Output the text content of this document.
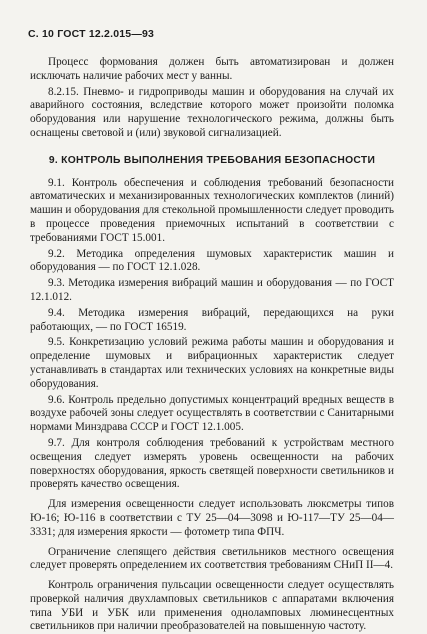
С. 10 ГОСТ 12.2.015—93

Процесс формования должен быть автоматизирован и должен исключать наличие рабочих мест у ванны.

8.2.15. Пневмо- и гидроприводы машин и оборудования на случай их аварийного состояния, вследствие которого может произойти поломка оборудования или нарушение технологического режима, должны быть оснащены световой и (или) звуковой сигнализацией.

9. КОНТРОЛЬ ВЫПОЛНЕНИЯ ТРЕБОВАНИЯ БЕЗОПАСНОСТИ

9.1. Контроль обеспечения и соблюдения требований безопасности автоматических и механизированных технологических комплектов (линий) машин и оборудования для стекольной промышленности следует проводить в процессе проведения приемочных испытаний в соответствии с требованиями ГОСТ 15.001.

9.2. Методика определения шумовых характеристик машин и оборудования — по ГОСТ 12.1.028.

9.3. Методика измерения вибраций машин и оборудования — по ГОСТ 12.1.012.

9.4. Методика измерения вибраций, передающихся на руки работающих, — по ГОСТ 16519.

9.5. Конкретизацию условий режима работы машин и оборудования и определение шумовых и вибрационных характеристик следует устанавливать в стандартах или технических условиях на конкретные виды оборудования.

9.6. Контроль предельно допустимых концентраций вредных веществ в воздухе рабочей зоны следует осуществлять в соответствии с Санитарными нормами Минздрава СССР и ГОСТ 12.1.005.

9.7. Для контроля соблюдения требований к устройствам местного освещения следует измерять уровень освещенности на рабочих поверхностях оборудования, яркость светящей поверхности светильников и проверять качество освещения.

Для измерения освещенности следует использовать люксметры типов Ю-16; Ю-116 в соответствии с ТУ 25—04—3098 и Ю-117—ТУ 25—04—3331; для измерения яркости — фотометр типа ФПЧ.

Ограничение слепящего действия светильников местного освещения следует проверять определением их соответствия требованиям СНиП II—4.

Контроль ограничения пульсации освещенности следует осуществлять проверкой наличия двухламповых светильников с аппаратами включения типа УБИ и УБК или применения одноламповых люминесцентных светильников при наличии преобразователей на повышенную частоту.
